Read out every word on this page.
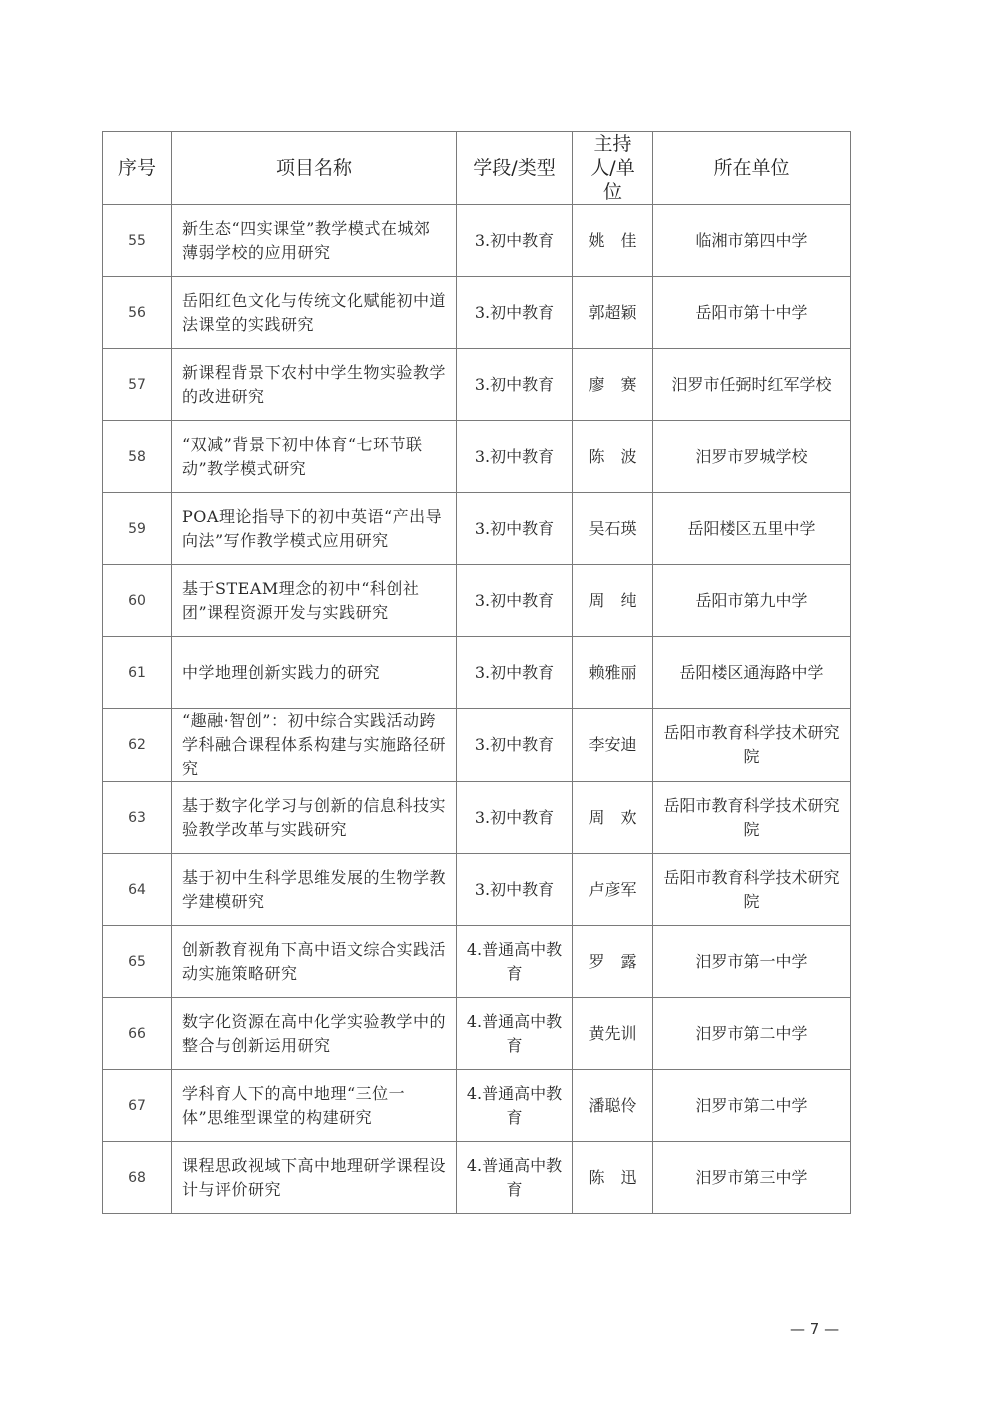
序号	项目名称	学段/类型	主持人/单位	所在单位
55	新生态“四实课堂”教学模式在城郊薄弱学校的应用研究	3.初中教育	姚　佳	临湘市第四中学
56	岳阳红色文化与传统文化赋能初中道法课堂的实践研究	3.初中教育	郭超颖	岳阳市第十中学
57	新课程背景下农村中学生物实验教学的改进研究	3.初中教育	廖　赛	汨罗市任弼时红军学校
58	“双减”背景下初中体育“七环节联动”教学模式研究	3.初中教育	陈　波	汨罗市罗城学校
59	POA理论指导下的初中英语“产出导向法”写作教学模式应用研究	3.初中教育	吴石瑛	岳阳楼区五里中学
60	基于STEAM理念的初中“科创社团”课程资源开发与实践研究	3.初中教育	周　纯	岳阳市第九中学
61	中学地理创新实践力的研究	3.初中教育	赖雅丽	岳阳楼区通海路中学
62	“趣融·智创”：初中综合实践活动跨学科融合课程体系构建与实施路径研究	3.初中教育	李安迪	岳阳市教育科学技术研究院
63	基于数字化学习与创新的信息科技实验教学改革与实践研究	3.初中教育	周　欢	岳阳市教育科学技术研究院
64	基于初中生科学思维发展的生物学教学建模研究	3.初中教育	卢彦军	岳阳市教育科学技术研究院
65	创新教育视角下高中语文综合实践活动实施策略研究	4.普通高中教育	罗　露	汨罗市第一中学
66	数字化资源在高中化学实验教学中的整合与创新运用研究	4.普通高中教育	黄先训	汨罗市第二中学
67	学科育人下的高中地理“三位一体”思维型课堂的构建研究	4.普通高中教育	潘聪伶	汨罗市第二中学
68	课程思政视域下高中地理研学课程设计与评价研究	4.普通高中教育	陈　迅	汨罗市第三中学
— 7 —
